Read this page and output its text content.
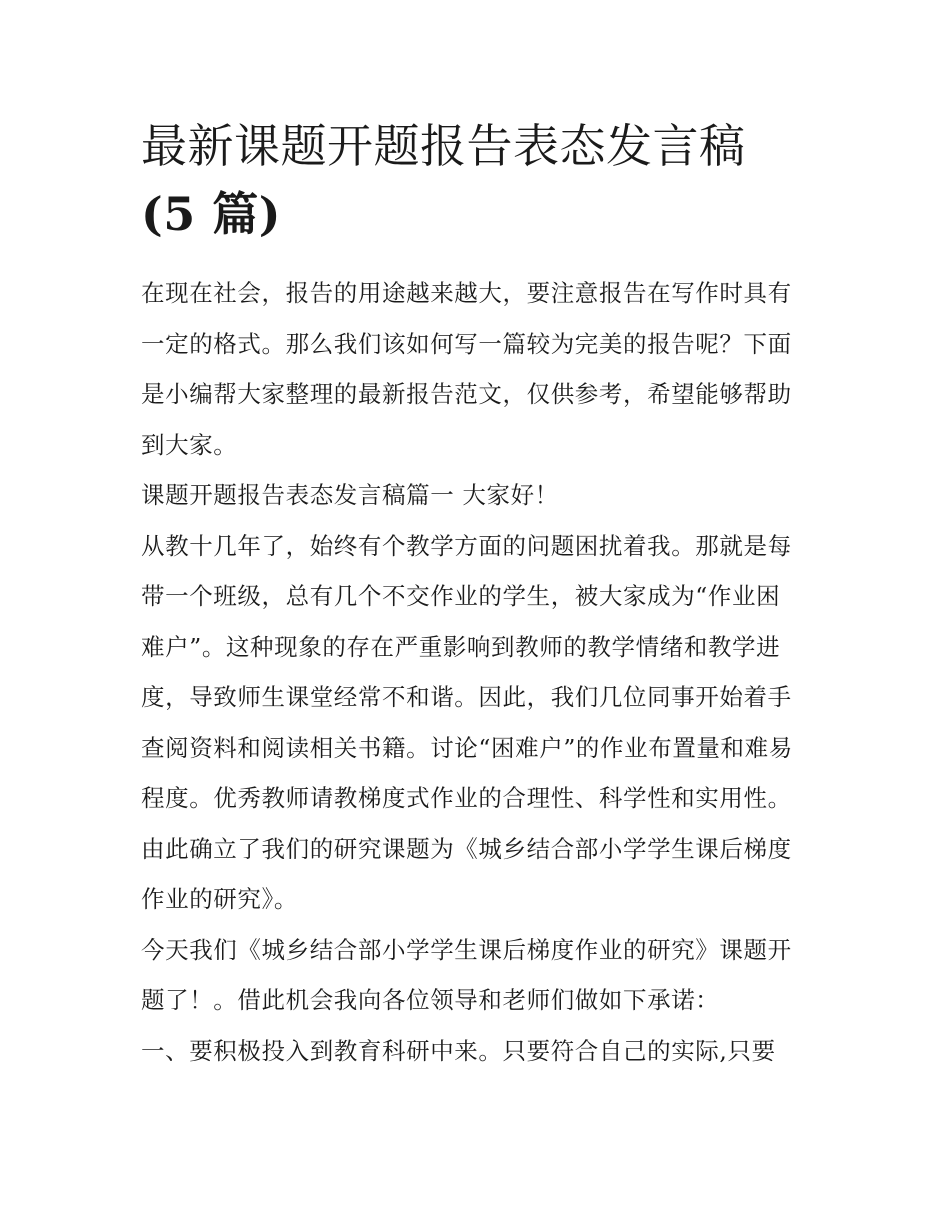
最新课题开题报告表态发言稿
(5 篇)
在现在社会，报告的用途越来越大，要注意报告在写作时具有
一定的格式。那么我们该如何写一篇较为完美的报告呢？下面
是小编帮大家整理的最新报告范文，仅供参考，希望能够帮助
到大家。
课题开题报告表态发言稿篇一 大家好！
从教十几年了，始终有个教学方面的问题困扰着我。那就是每
带一个班级，总有几个不交作业的学生，被大家成为“作业困
难户”。这种现象的存在严重影响到教师的教学情绪和教学进
度，导致师生课堂经常不和谐。因此，我们几位同事开始着手
查阅资料和阅读相关书籍。讨论“困难户”的作业布置量和难易
程度。优秀教师请教梯度式作业的合理性、科学性和实用性。
由此确立了我们的研究课题为《城乡结合部小学学生课后梯度
作业的研究》。
今天我们《城乡结合部小学学生课后梯度作业的研究》课题开
题了！。借此机会我向各位领导和老师们做如下承诺：
一、要积极投入到教育科研中来。只要符合自己的实际,只要
